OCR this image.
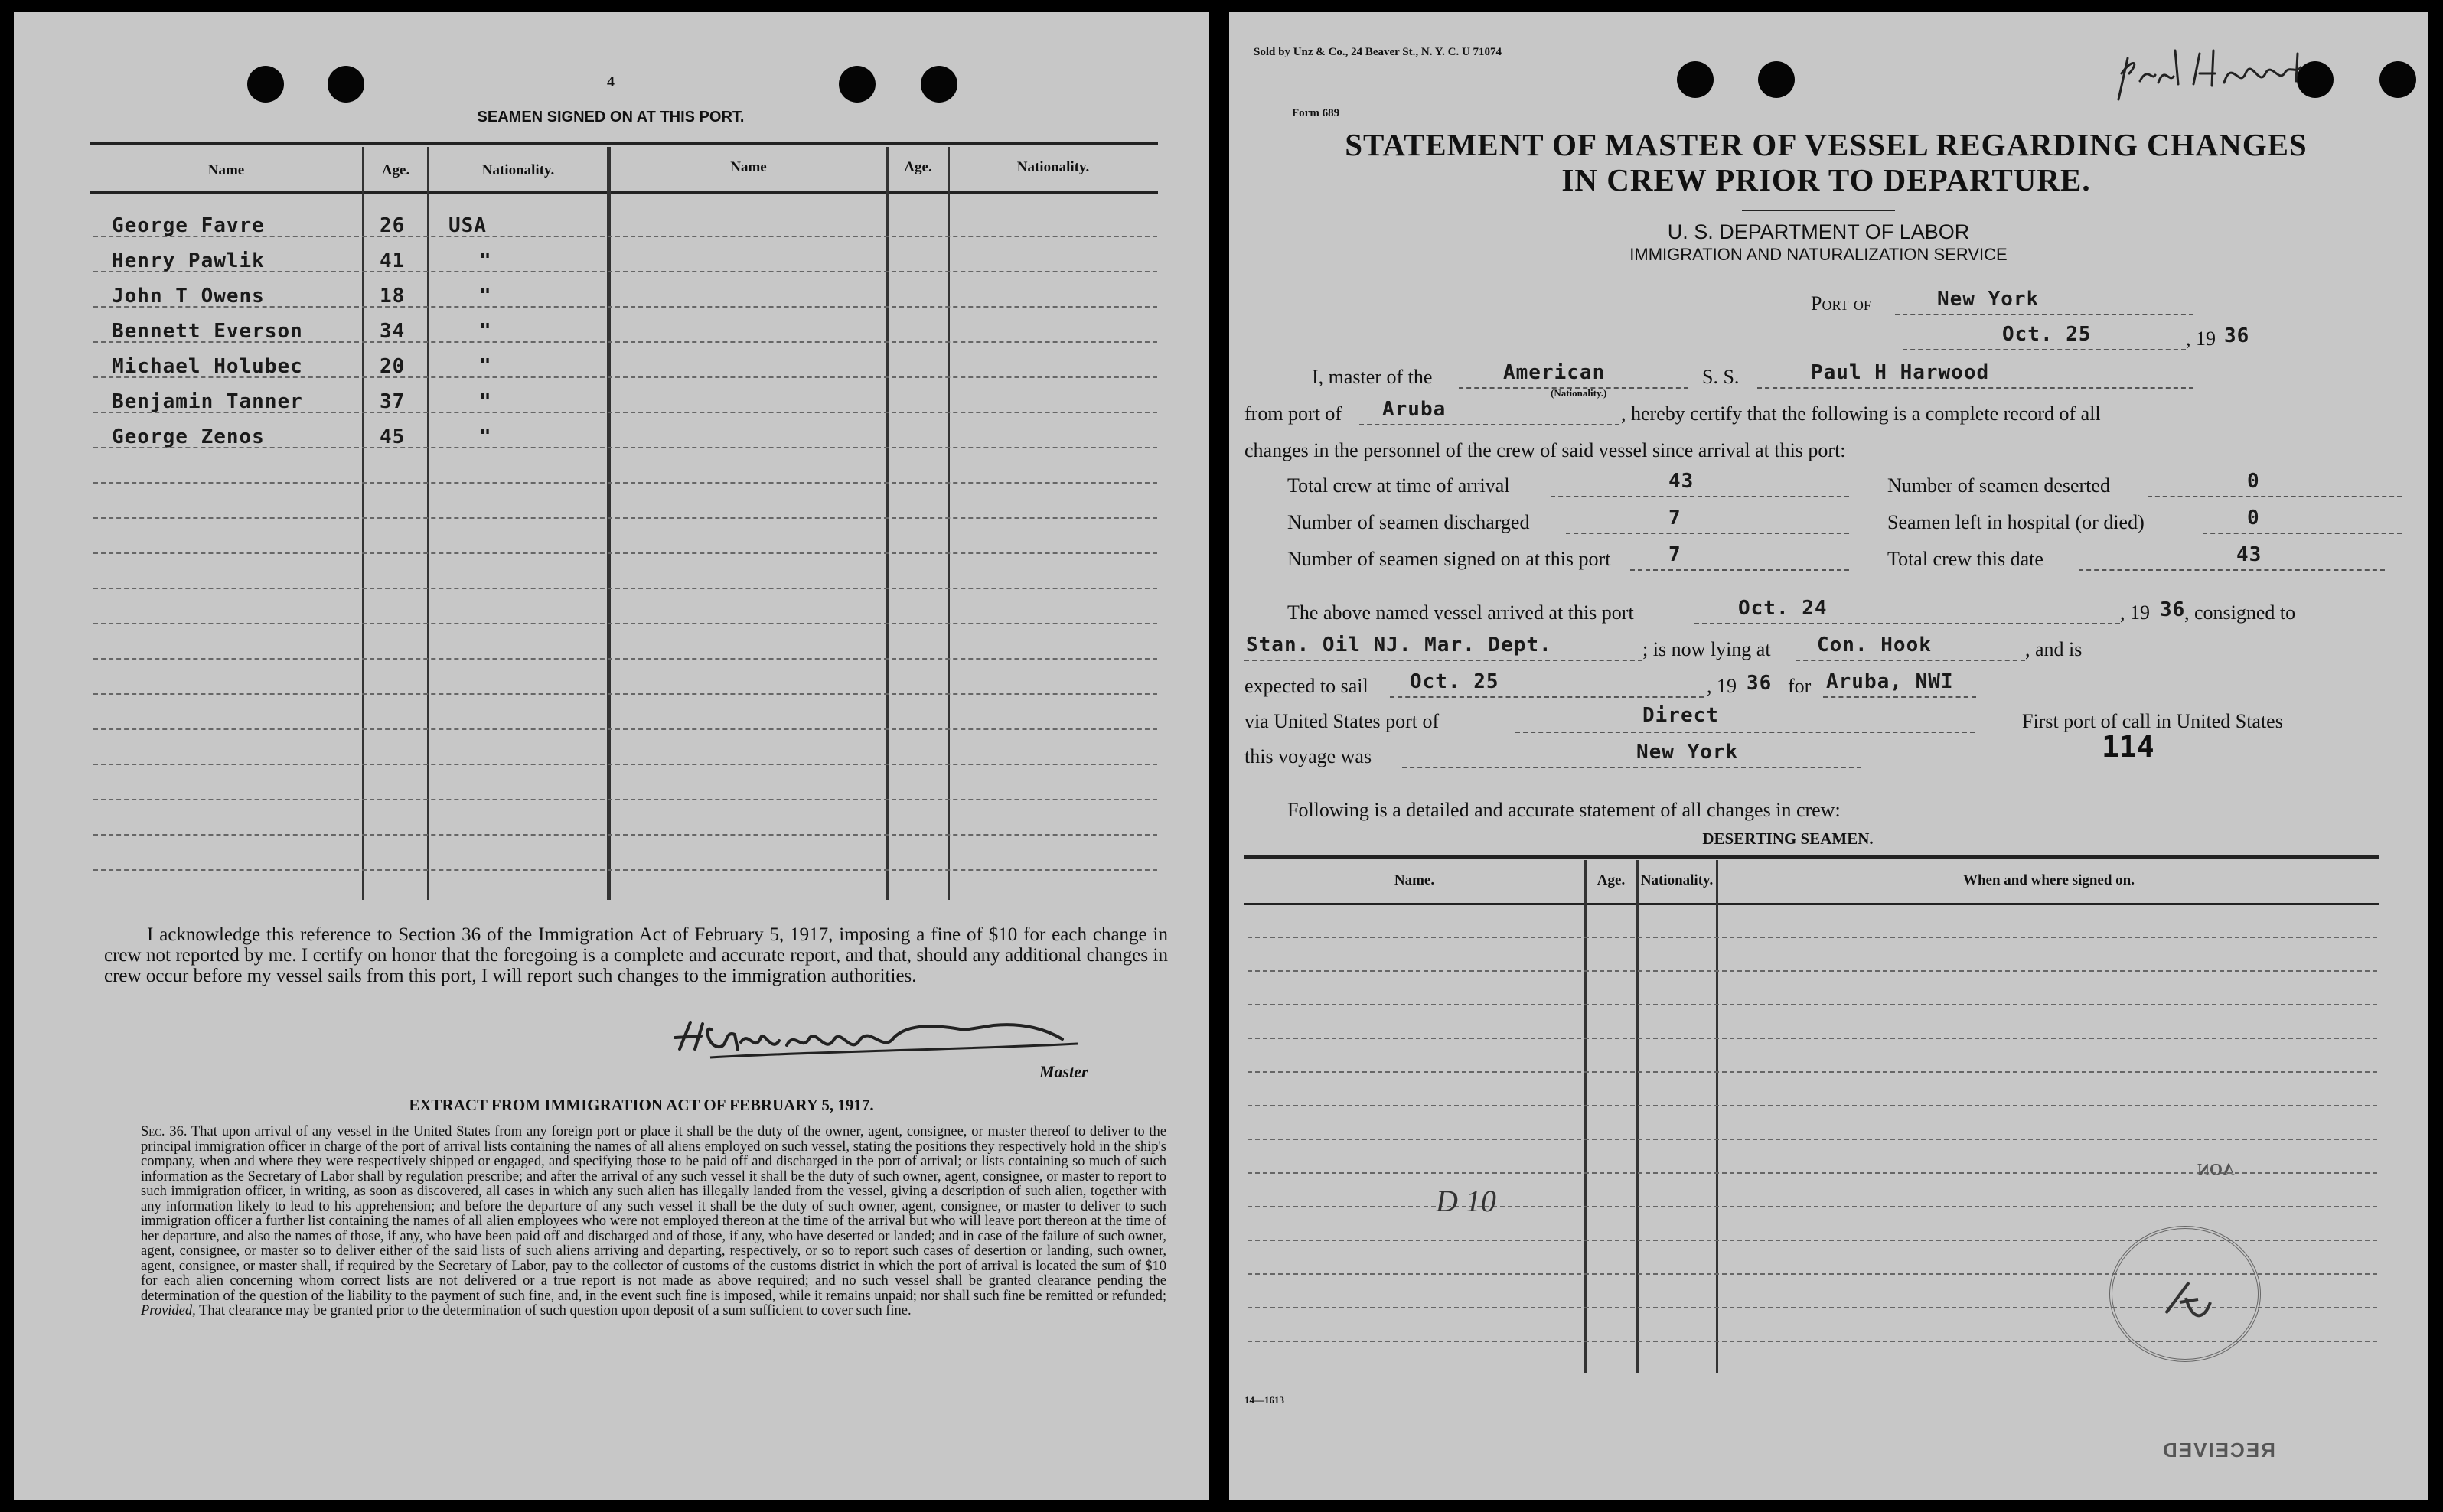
4
SEAMEN SIGNED ON AT THIS PORT.
Name	Age.	Nationality.	Name	Age.	Nationality.
George Favre	26 USA
Henry Pawlik	41	"
John T Owens	18	"
Bennett Everson	34	"
Michael Holubec	20	"
Benjamin Tanner	37	"
George Zenos	45	"
I acknowledge this reference to Section 36 of the Immigration Act of February 5, 1917, imposing a fine of $10 for each change in crew not reported by me. I certify on honor that the foregoing is a complete and accurate report, and that, should any additional changes in crew occur before my vessel sails from this port, I will report such changes to the immigration authorities.
Master
EXTRACT FROM IMMIGRATION ACT OF FEBRUARY 5, 1917.
Sec. 36. That upon arrival of any vessel in the United States from any foreign port or place it shall be the duty of the owner, agent, consignee, or master thereof to deliver to the principal immigration officer in charge of the port of arrival lists containing the names of all aliens employed on such vessel, stating the positions they respectively hold in the ship's company, when and where they were respectively shipped or engaged, and specifying those to be paid off and discharged in the port of arrival; or lists containing so much of such information as the Secretary of Labor shall by regulation prescribe; and after the arrival of any such vessel it shall be the duty of such owner, agent, consignee, or master to report to such immigration officer, in writing, as soon as discovered, all cases in which any such alien has illegally landed from the vessel, giving a description of such alien, together with any information likely to lead to his apprehension; and before the departure of any such vessel it shall be the duty of such owner, agent, consignee, or master to deliver to such immigration officer a further list containing the names of all alien employees who were not employed thereon at the time of the arrival but who will leave port thereon at the time of her departure, and also the names of those, if any, who have been paid off and discharged and of those, if any, who have deserted or landed; and in case of the failure of such owner, agent, consignee, or master so to deliver either of the said lists of such aliens arriving and departing, respectively, or so to report such cases of desertion or landing, such owner, agent, consignee, or master shall, if required by the Secretary of Labor, pay to the collector of customs of the customs district in which the port of arrival is located the sum of $10 for each alien concerning whom correct lists are not delivered or a true report is not made as above required; and no such vessel shall be granted clearance pending the determination of the question of the liability to the payment of such fine, and, in the event such fine is imposed, while it remains unpaid; nor shall such fine be remitted or refunded; Provided, That clearance may be granted prior to the determination of such question upon deposit of a sum sufficient to cover such fine.
Sold by Unz & Co., 24 Beaver St., N. Y. C. U 71074
Form 689
STATEMENT OF MASTER OF VESSEL REGARDING CHANGES
IN CREW PRIOR TO DEPARTURE.
U. S. DEPARTMENT OF LABOR
IMMIGRATION AND NATURALIZATION SERVICE
Port of	New York
Oct. 25	, 19 36
I, master of the	American
(Nationality.)
S. S.	Paul H Harwood
from port of Aruba	, hereby certify that the following is a complete record of all
changes in the personnel of the crew of said vessel since arrival at this port:
Total crew at time of arrival	43	Number of seamen deserted	0
Number of seamen discharged	7	Seamen left in hospital (or died)	0
Number of seamen signed on at this port	7	Total crew this date	43
The above named vessel arrived at this port	Oct. 24	, 19 36
, consigned to
Stan. Oil NJ. Mar. Dept.	; is now lying at Con. Hook	, and is
expected to sail Oct. 25	, 19 36 for Aruba, NWI
via United States port of	Direct	First port of call in United States
this voyage was	New York	114
Following is a detailed and accurate statement of all changes in crew:
DESERTING SEAMEN.
Name.	Age.	Nationality.	When and where signed on.
D 10
NOV
RECEIVED
14—1613
